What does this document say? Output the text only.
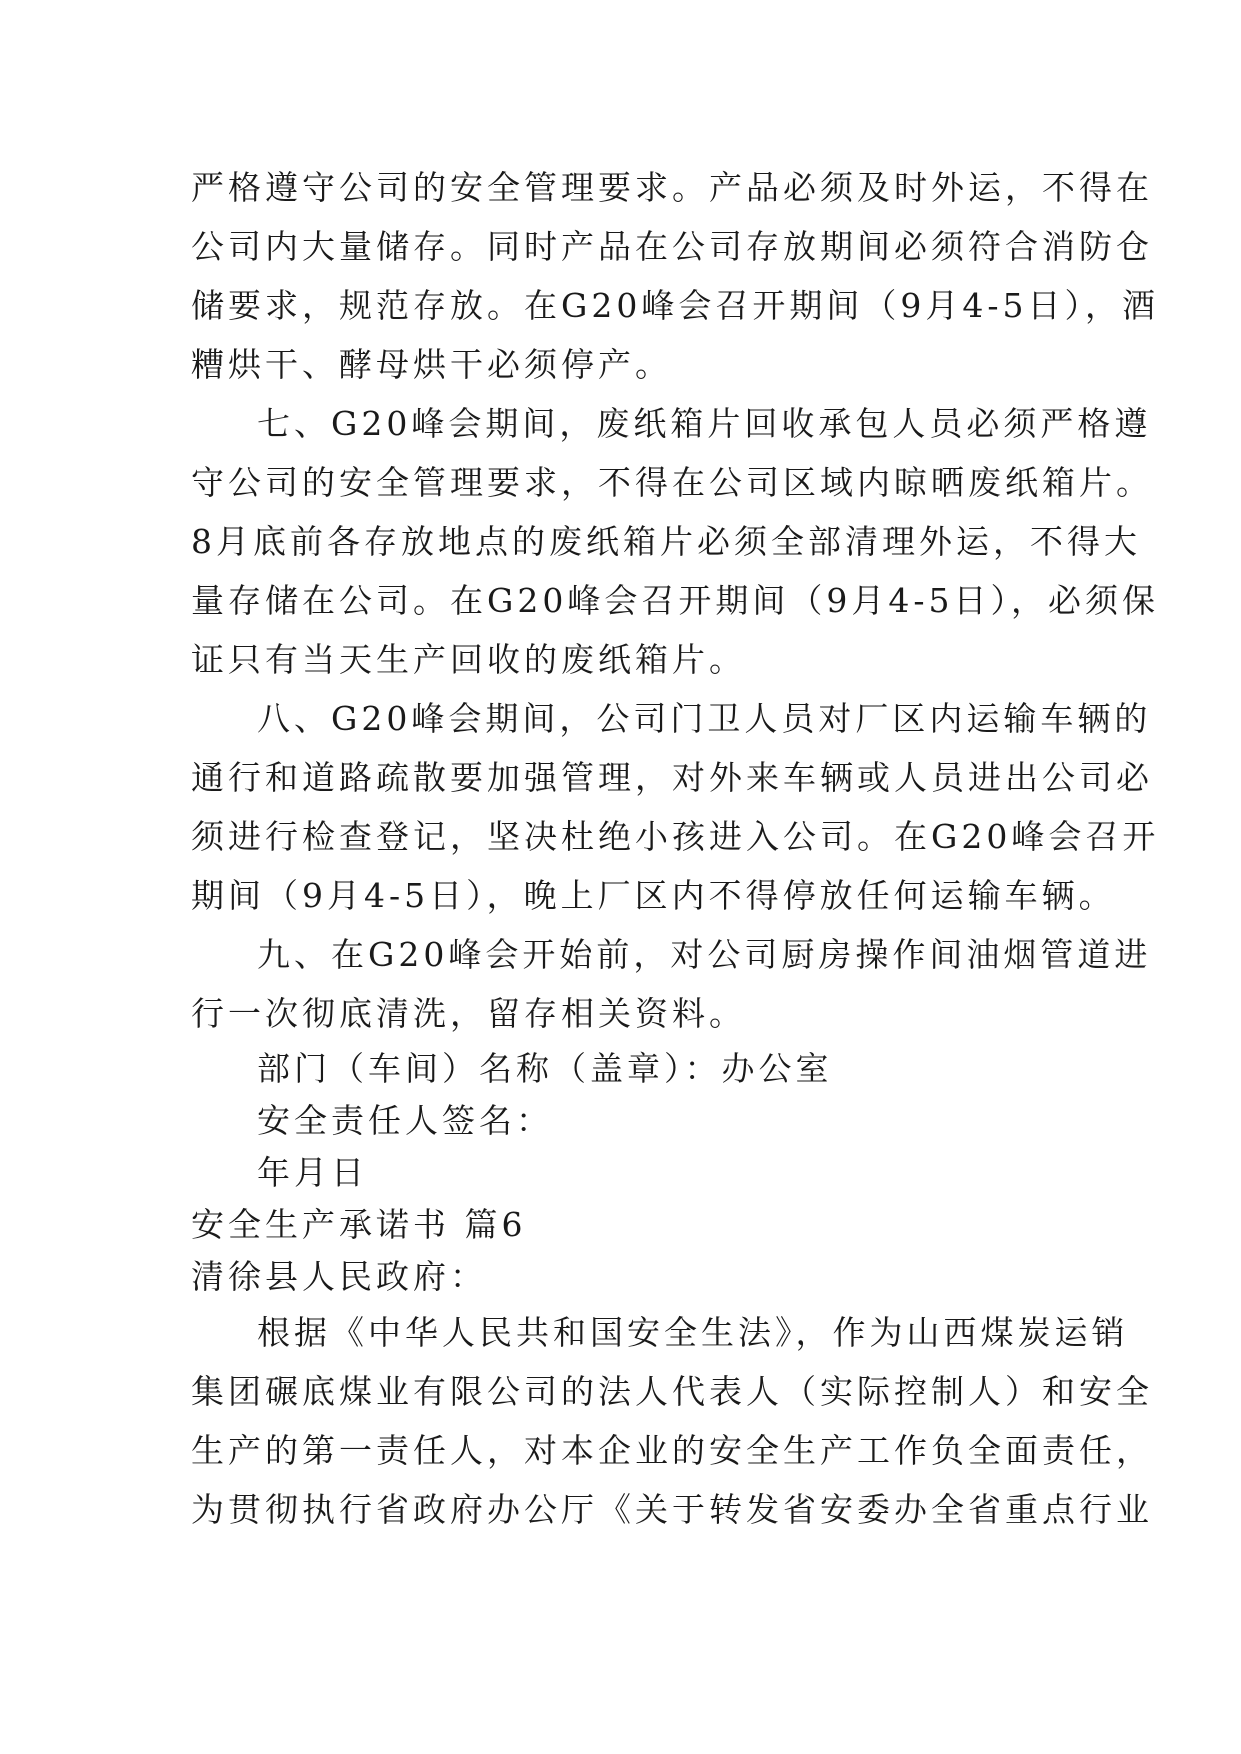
严格遵守公司的安全管理要求。产品必须及时外运，不得在
公司内大量储存。同时产品在公司存放期间必须符合消防仓
储要求，规范存放。在G20峰会召开期间（9月4-5日），酒
糟烘干、酵母烘干必须停产。
七、G20峰会期间，废纸箱片回收承包人员必须严格遵
守公司的安全管理要求，不得在公司区域内晾晒废纸箱片。
8月底前各存放地点的废纸箱片必须全部清理外运，不得大
量存储在公司。在G20峰会召开期间（9月4-5日），必须保
证只有当天生产回收的废纸箱片。
八、G20峰会期间，公司门卫人员对厂区内运输车辆的
通行和道路疏散要加强管理，对外来车辆或人员进出公司必
须进行检查登记，坚决杜绝小孩进入公司。在G20峰会召开
期间（9月4-5日），晚上厂区内不得停放任何运输车辆。
九、在G20峰会开始前，对公司厨房操作间油烟管道进
行一次彻底清洗，留存相关资料。
部门（车间）名称（盖章）：办公室
安全责任人签名：
年月日
安全生产承诺书 篇6
清徐县人民政府：
根据《中华人民共和国安全生法》，作为山西煤炭运销
集团碾底煤业有限公司的法人代表人（实际控制人）和安全
生产的第一责任人，对本企业的安全生产工作负全面责任，
为贯彻执行省政府办公厅《关于转发省安委办全省重点行业
